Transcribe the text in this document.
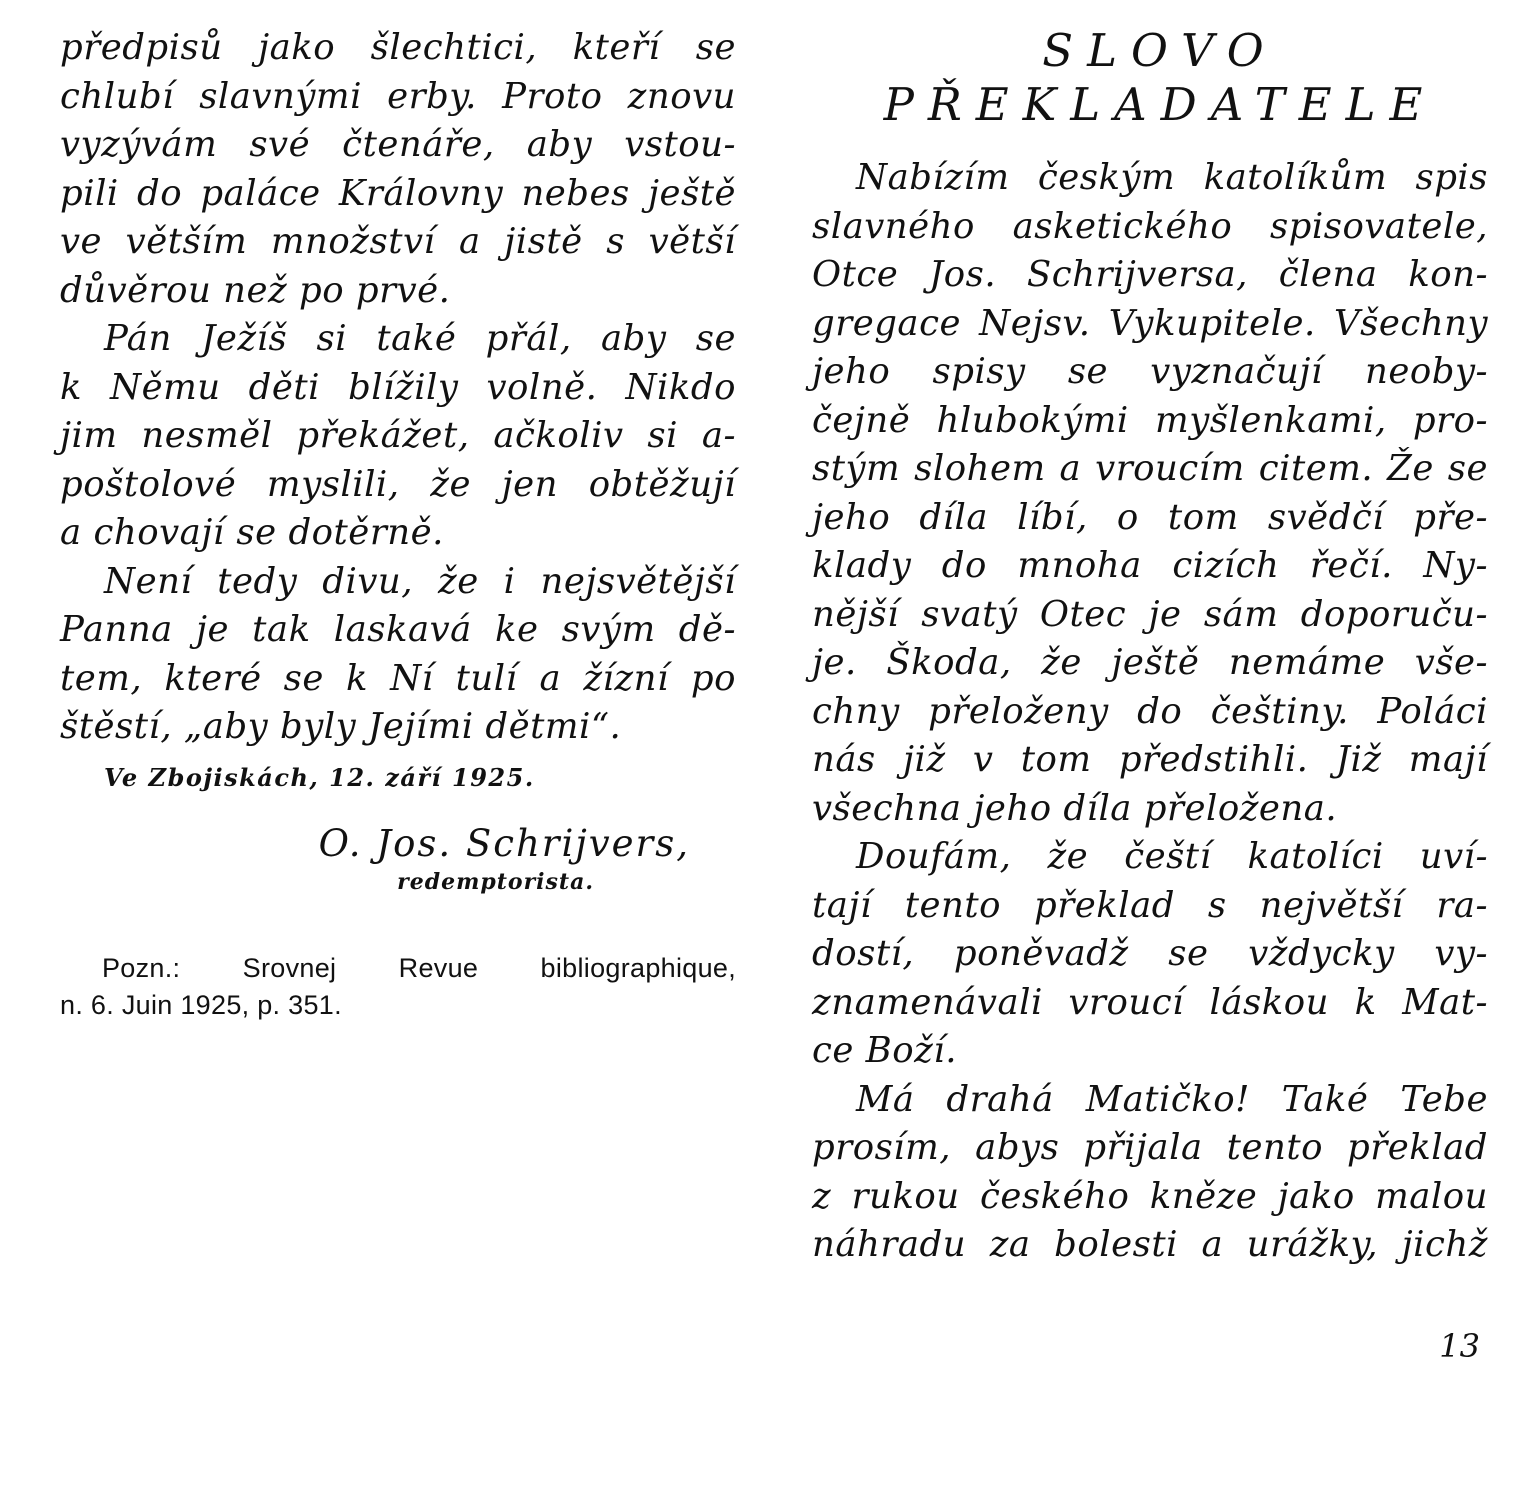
předpisů jako šlechtici, kteří se
chlubí slavnými erby. Proto znovu
vyzývám své čtenáře, aby vstou-
pili do paláce Královny nebes ještě
ve větším množství a jistě s větší
důvěrou než po prvé.
Pán Ježíš si také přál, aby se
k Němu děti blížily volně. Nikdo
jim nesměl překážet, ačkoliv si a-
poštolové myslili, že jen obtěžují
a chovají se dotěrně.
Není tedy divu, že i nejsvětější
Panna je tak laskavá ke svým dě-
tem, které se k Ní tulí a žízní po
štěstí, „aby byly Jejími dětmi“.
Ve Zbojiskách, 12. září 1925.
O. Jos. Schrijvers,
redemptorista.
Pozn.: Srovnej Revue bibliographique,
n. 6. Juin 1925, p. 351.
SLOVO
PŘEKLADATELE
Nabízím českým katolíkům spis
slavného asketického spisovatele,
Otce Jos. Schrijversa, člena kon-
gregace Nejsv. Vykupitele. Všechny
jeho spisy se vyznačují neoby-
čejně hlubokými myšlenkami, pro-
stým slohem a vroucím citem. Že se
jeho díla líbí, o tom svědčí pře-
klady do mnoha cizích řečí. Ny-
nější svatý Otec je sám doporuču-
je. Škoda, že ještě nemáme vše-
chny přeloženy do češtiny. Poláci
nás již v tom předstihli. Již mají
všechna jeho díla přeložena.
Doufám, že čeští katolíci uví-
tají tento překlad s největší ra-
dostí, poněvadž se vždycky vy-
znamenávali vroucí láskou k Mat-
ce Boží.
Má drahá Matičko! Také Tebe
prosím, abys přijala tento překlad
z rukou českého kněze jako malou
náhradu za bolesti a urážky, jichž
13
